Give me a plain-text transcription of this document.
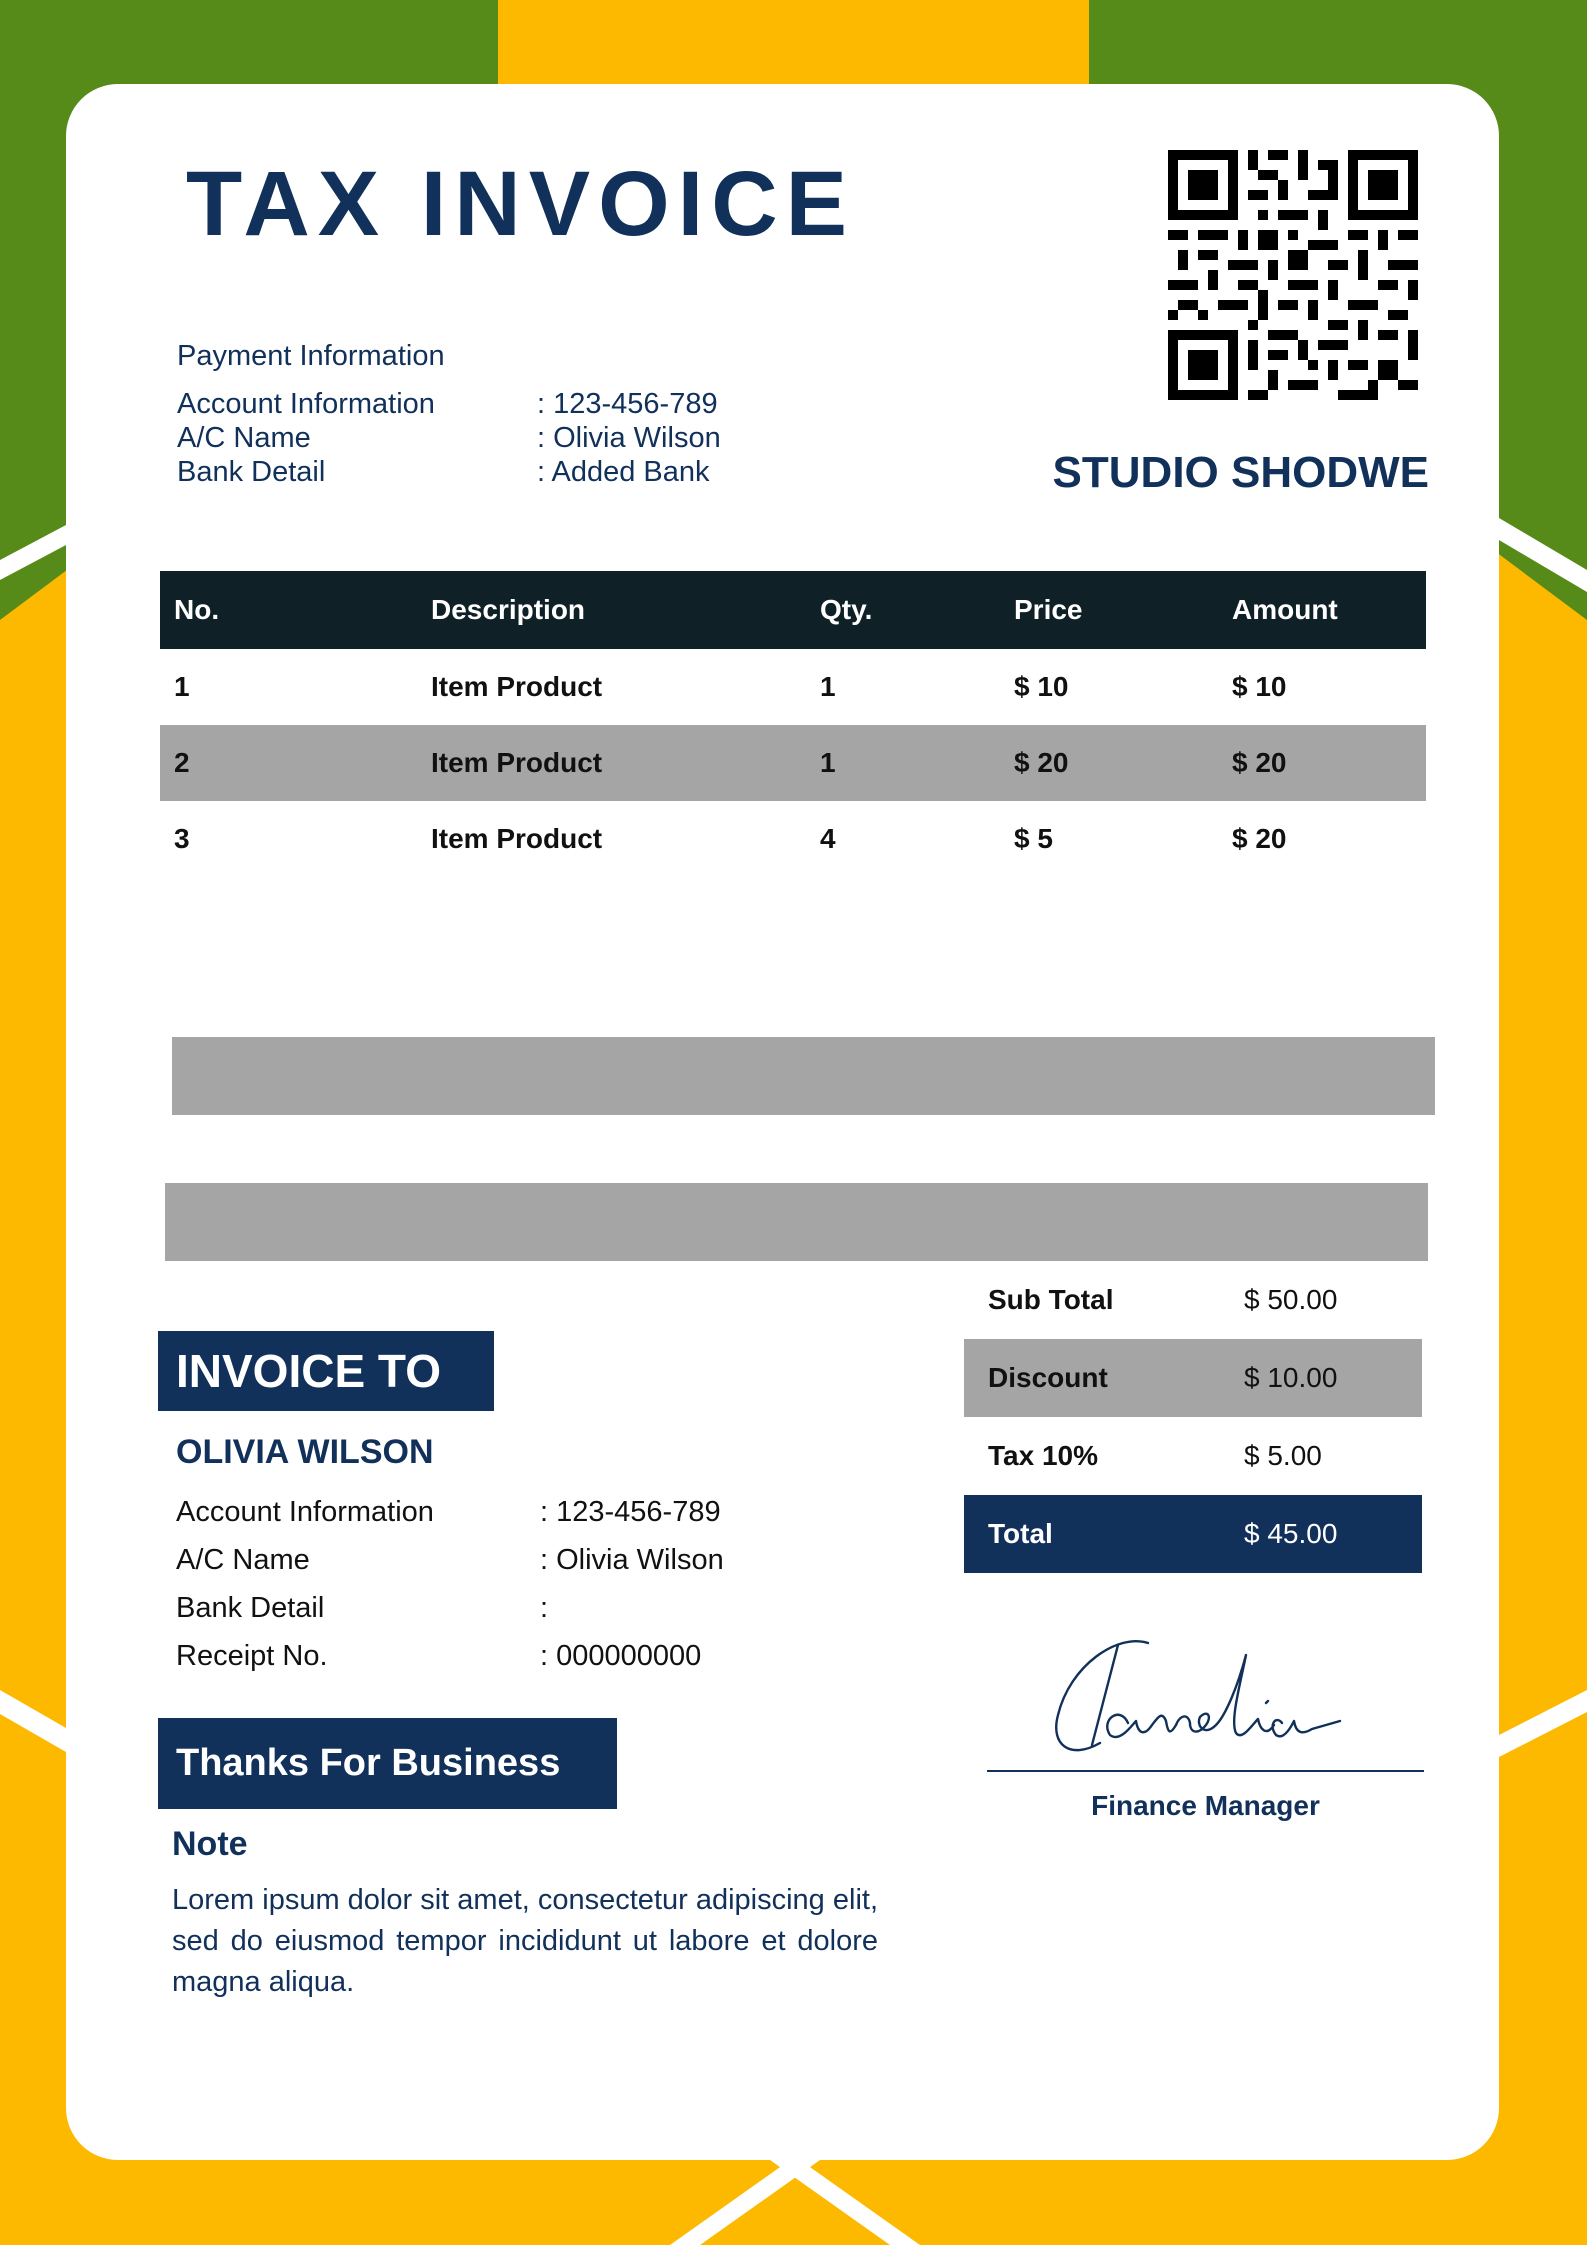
TAX INVOICE
STUDIO SHODWE
Payment Information
Account Information	: 123-456-789
A/C Name	: Olivia Wilson
Bank Detail	: Added Bank
No.	Description	Qty.	Price	Amount
1	Item Product	1	$ 10	$ 10
2	Item Product	1	$ 20	$ 20
3	Item Product	4	$ 5	$ 20
Sub Total	$ 50.00
Discount	$ 10.00
Tax 10%	$ 5.00
Total	$ 45.00
INVOICE TO
OLIVIA WILSON
Account Information	: 123-456-789
A/C Name	: Olivia Wilson
Bank Detail	:
Receipt No.	: 000000000
Thanks For Business
Note

Lorem ipsum dolor sit amet, consectetur adipiscing elit, sed do eiusmod tempor incididunt ut labore et dolore magna aliqua.

Finance Manager
